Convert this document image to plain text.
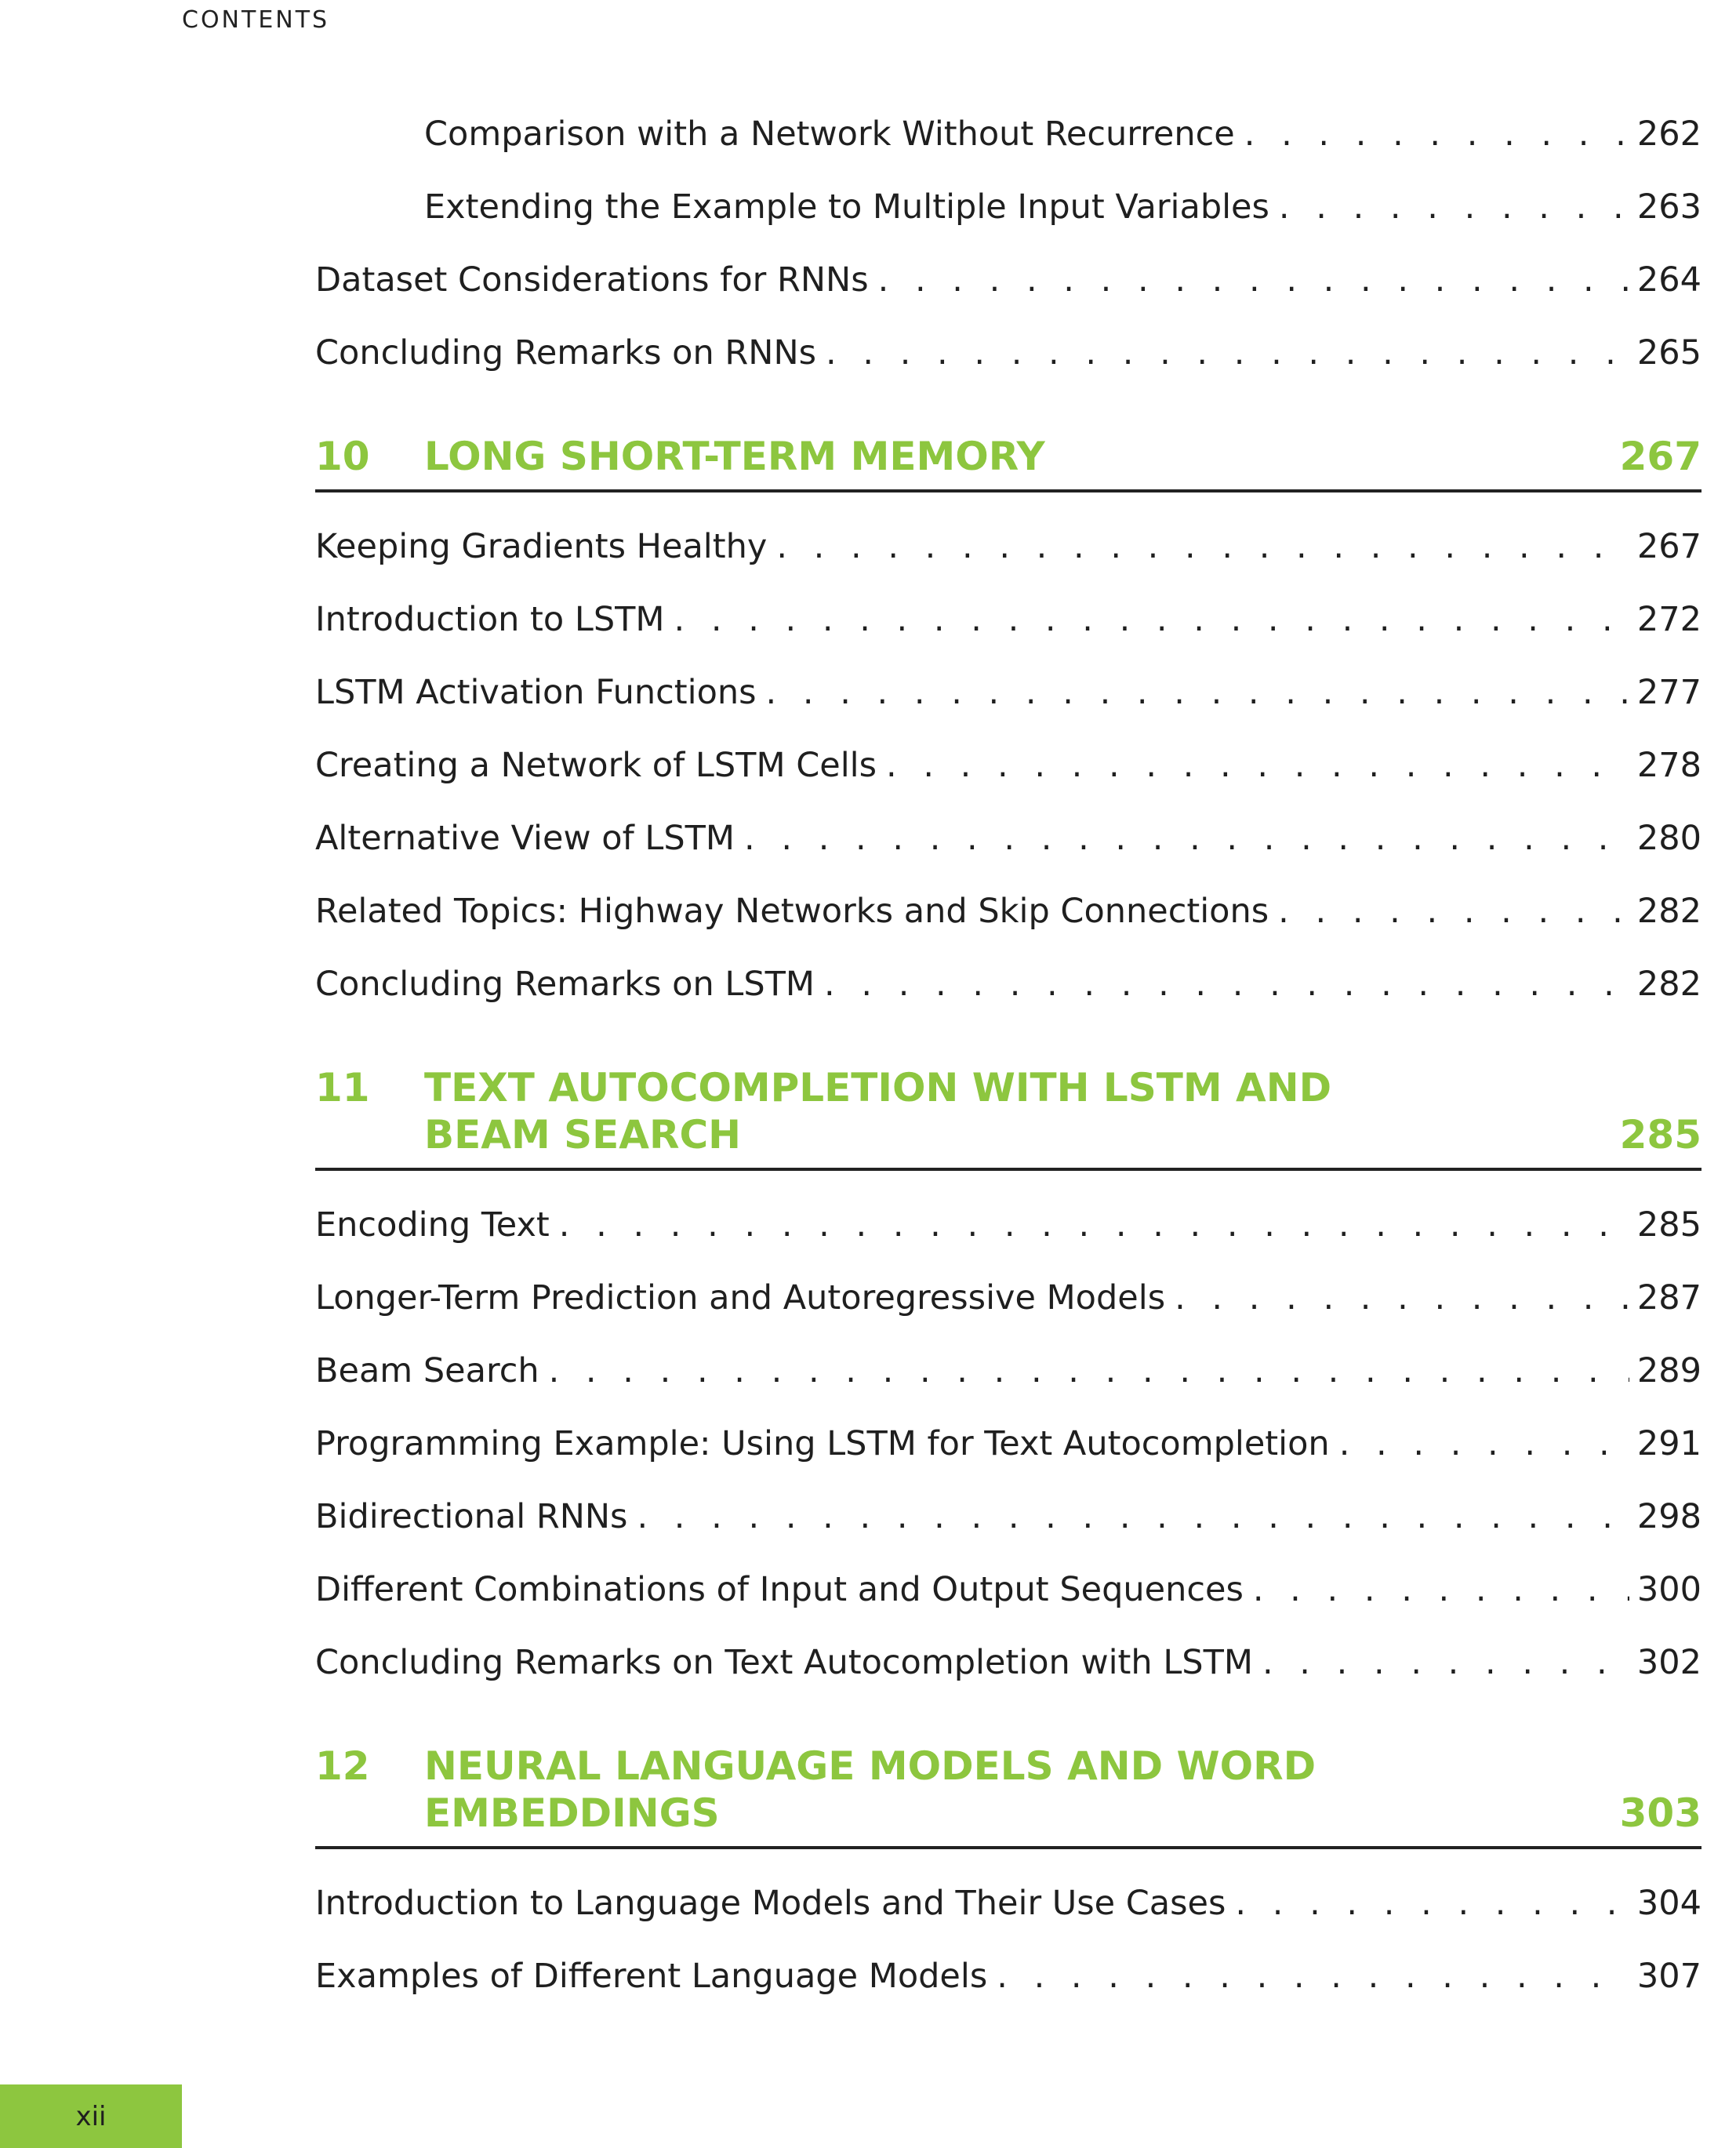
CONTENTS
Comparison with a Network Without Recurrence . . .	262
Extending the Example to Multiple Input Variables . . .	263
Dataset Considerations for RNNs . . .	264
Concluding Remarks on RNNs . . .	265
10 LONG SHORT-TERM MEMORY	267
Keeping Gradients Healthy . . .	267
Introduction to LSTM . . .	272
LSTM Activation Functions . . .	277
Creating a Network of LSTM Cells . . .	278
Alternative View of LSTM . . .	280
Related Topics: Highway Networks and Skip Connections . . .	282
Concluding Remarks on LSTM . . .	282
11 TEXT AUTOCOMPLETION WITH LSTM AND
BEAM SEARCH	285
Encoding Text . . .	285
Longer-Term Prediction and Autoregressive Models . . .	287
Beam Search . . .	289
Programming Example: Using LSTM for Text Autocompletion . . .	291
Bidirectional RNNs . . .	298
Different Combinations of Input and Output Sequences . . .	300
Concluding Remarks on Text Autocompletion with LSTM . . .	302
12 NEURAL LANGUAGE MODELS AND WORD
EMBEDDINGS	303
Introduction to Language Models and Their Use Cases . . .	304
Examples of Different Language Models . . .	307
xii
